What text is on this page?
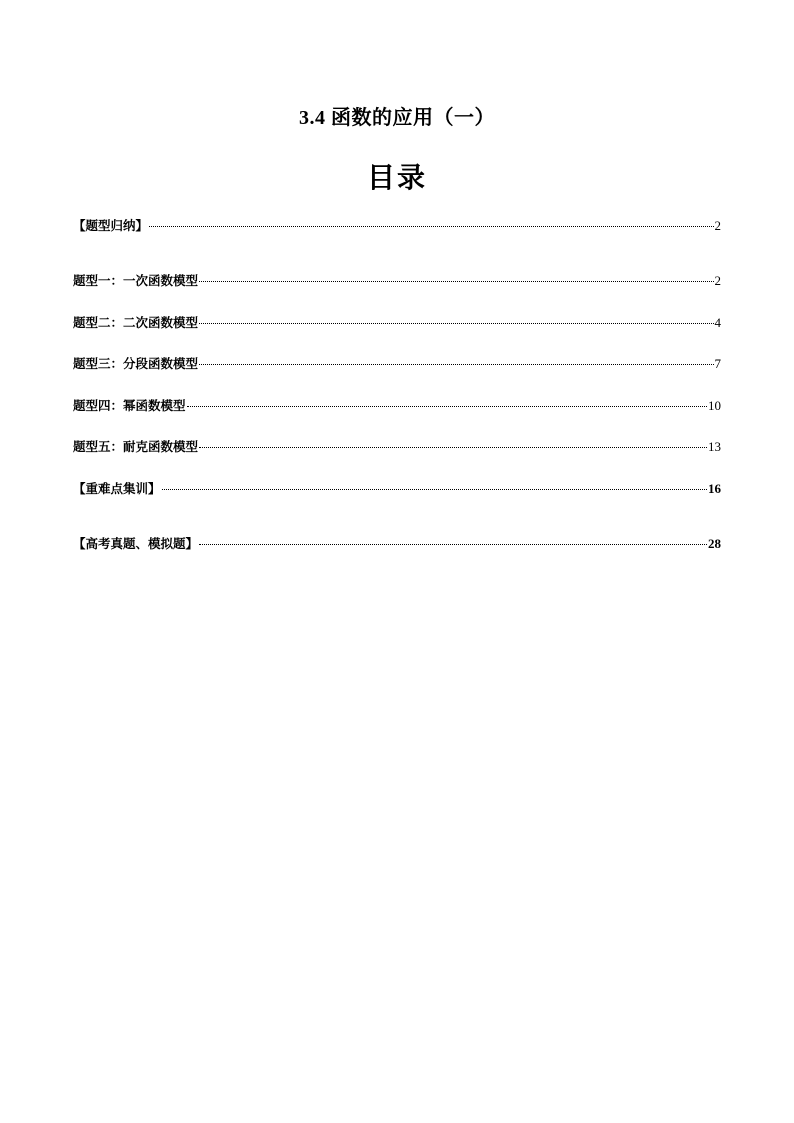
3.4 函数的应用（一）
目录
【题型归纳】	2
题型一：一次函数模型	2
题型二：二次函数模型	4
题型三：分段函数模型	7
题型四：幂函数模型	10
题型五：耐克函数模型	13
【重难点集训】	16
【高考真题、模拟题】	28
